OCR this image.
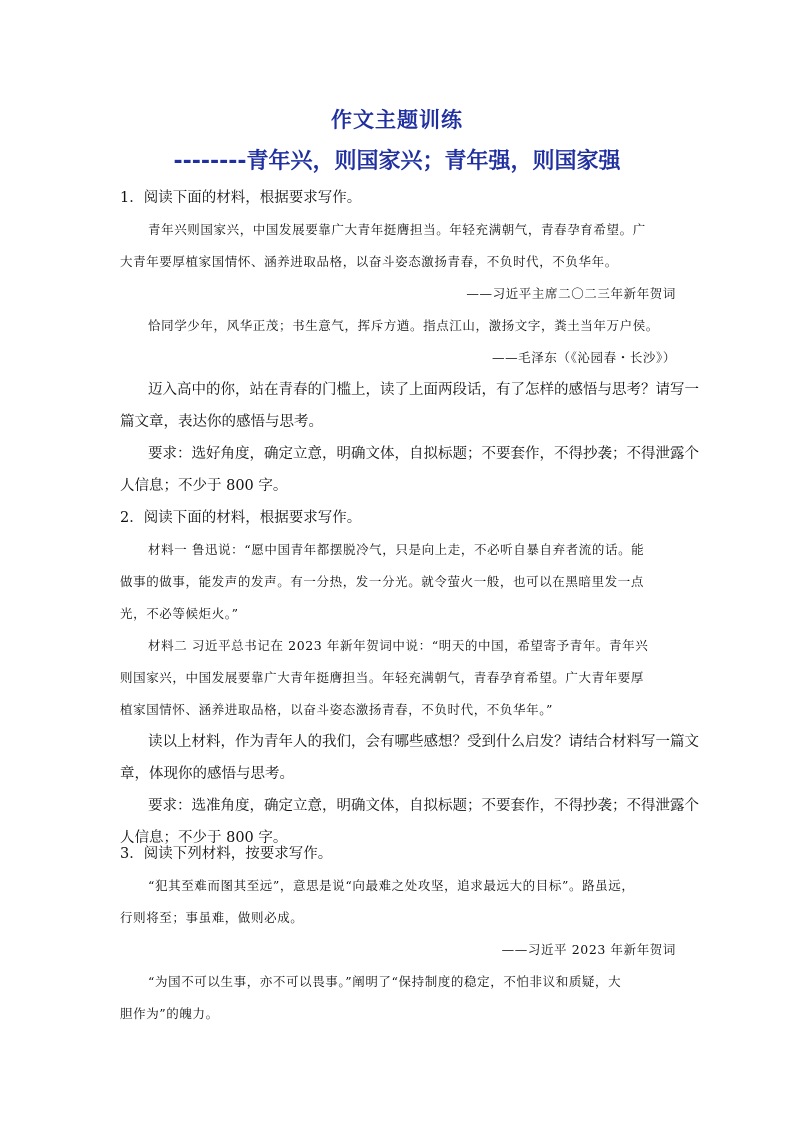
作文主题训练
--------青年兴，则国家兴；青年强，则国家强
1．阅读下面的材料，根据要求写作。
青年兴则国家兴，中国发展要靠广大青年挺膺担当。年轻充满朝气，青春孕育希望。广
大青年要厚植家国情怀、涵养进取品格，以奋斗姿态激扬青春，不负时代，不负华年。
——习近平主席二〇二三年新年贺词
恰同学少年，风华正茂；书生意气，挥斥方遒。指点江山，激扬文字，粪土当年万户侯。
——毛泽东（《沁园春・长沙》）
迈入高中的你，站在青春的门槛上，读了上面两段话，有了怎样的感悟与思考？请写一
篇文章，表达你的感悟与思考。
要求：选好角度，确定立意，明确文体，自拟标题；不要套作，不得抄袭；不得泄露个
人信息；不少于 800 字。
2．阅读下面的材料，根据要求写作。
材料一 鲁迅说：“愿中国青年都摆脱冷气，只是向上走，不必听自暴自弃者流的话。能
做事的做事，能发声的发声。有一分热，发一分光。就令萤火一般，也可以在黑暗里发一点
光，不必等候炬火。”
材料二 习近平总书记在 2023 年新年贺词中说：“明天的中国，希望寄予青年。青年兴
则国家兴，中国发展要靠广大青年挺膺担当。年轻充满朝气，青春孕育希望。广大青年要厚
植家国情怀、涵养进取品格，以奋斗姿态激扬青春，不负时代，不负华年。”
读以上材料，作为青年人的我们，会有哪些感想？受到什么启发？请结合材料写一篇文
章，体现你的感悟与思考。
要求：选准角度，确定立意，明确文体，自拟标题；不要套作，不得抄袭；不得泄露个
人信息；不少于 800 字。
3．阅读下列材料，按要求写作。
“犯其至难而图其至远”，意思是说“向最难之处攻坚，追求最远大的目标”。路虽远，
行则将至；事虽难，做则必成。
——习近平 2023 年新年贺词
“为国不可以生事，亦不可以畏事。”阐明了“保持制度的稳定，不怕非议和质疑，大
胆作为”的魄力。
